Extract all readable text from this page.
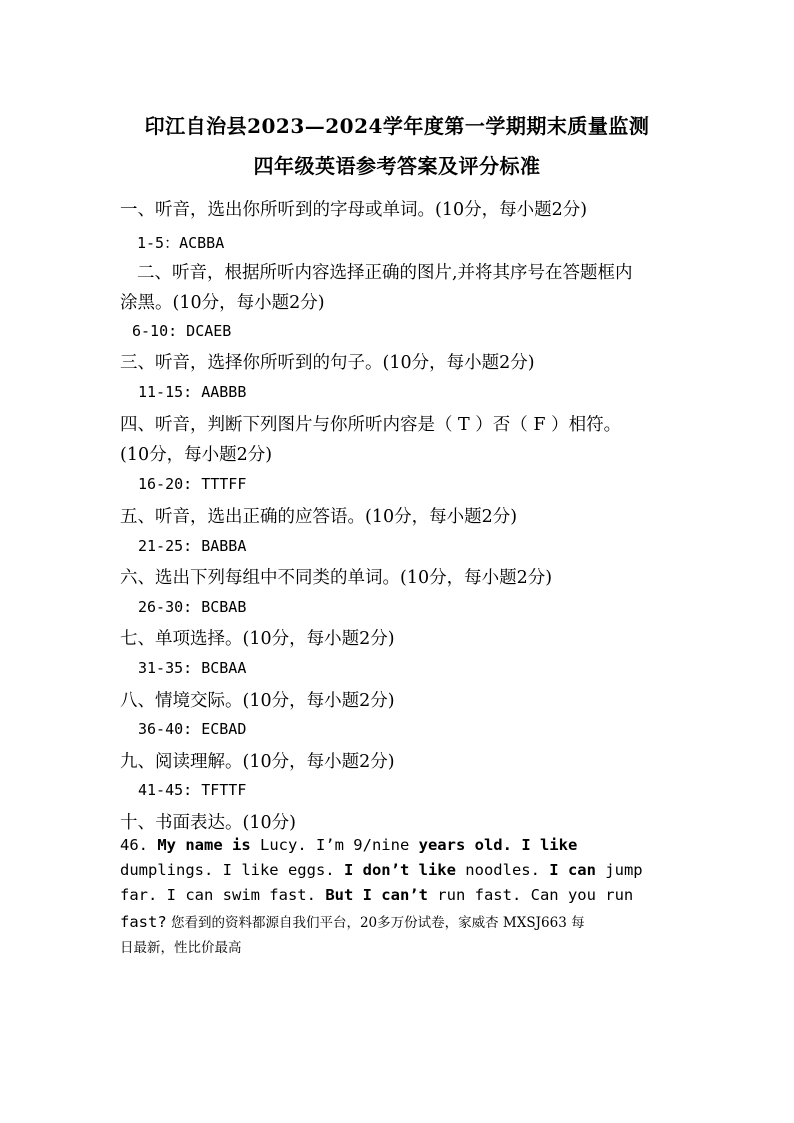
印江自治县2023—2024学年度第一学期期末质量监测
四年级英语参考答案及评分标准
一、听音，选出你所听到的字母或单词。(10分，每小题2分)
1-5：ACBBA
二、听音，根据所听内容选择正确的图片,并将其序号在答题框内
涂黑。(10分，每小题2分)
6-10: DCAEB
三、听音，选择你所听到的句子。(10分，每小题2分)
11-15: AABBB
四、听音，判断下列图片与你所听内容是（ T ）否（ F ）相符。
(10分，每小题2分)
16-20: TTTFF
五、听音，选出正确的应答语。(10分，每小题2分)
21-25: BABBA
六、选出下列每组中不同类的单词。(10分，每小题2分)
26-30: BCBAB
七、单项选择。(10分，每小题2分)
31-35: BCBAA
八、情境交际。(10分，每小题2分)
36-40: ECBAD
九、阅读理解。(10分，每小题2分)
41-45: TFTTF
十、书面表达。(10分)
46. My name is Lucy. I’m 9/nine years old. I like
dumplings. I like eggs. I don’t like noodles. I can jump
far. I can swim fast. But I can’t run fast. Can you run
fast? 您看到的资料都源自我们平台，20多万份试卷，家威杏 MXSJ663 每
日最新，性比价最高
